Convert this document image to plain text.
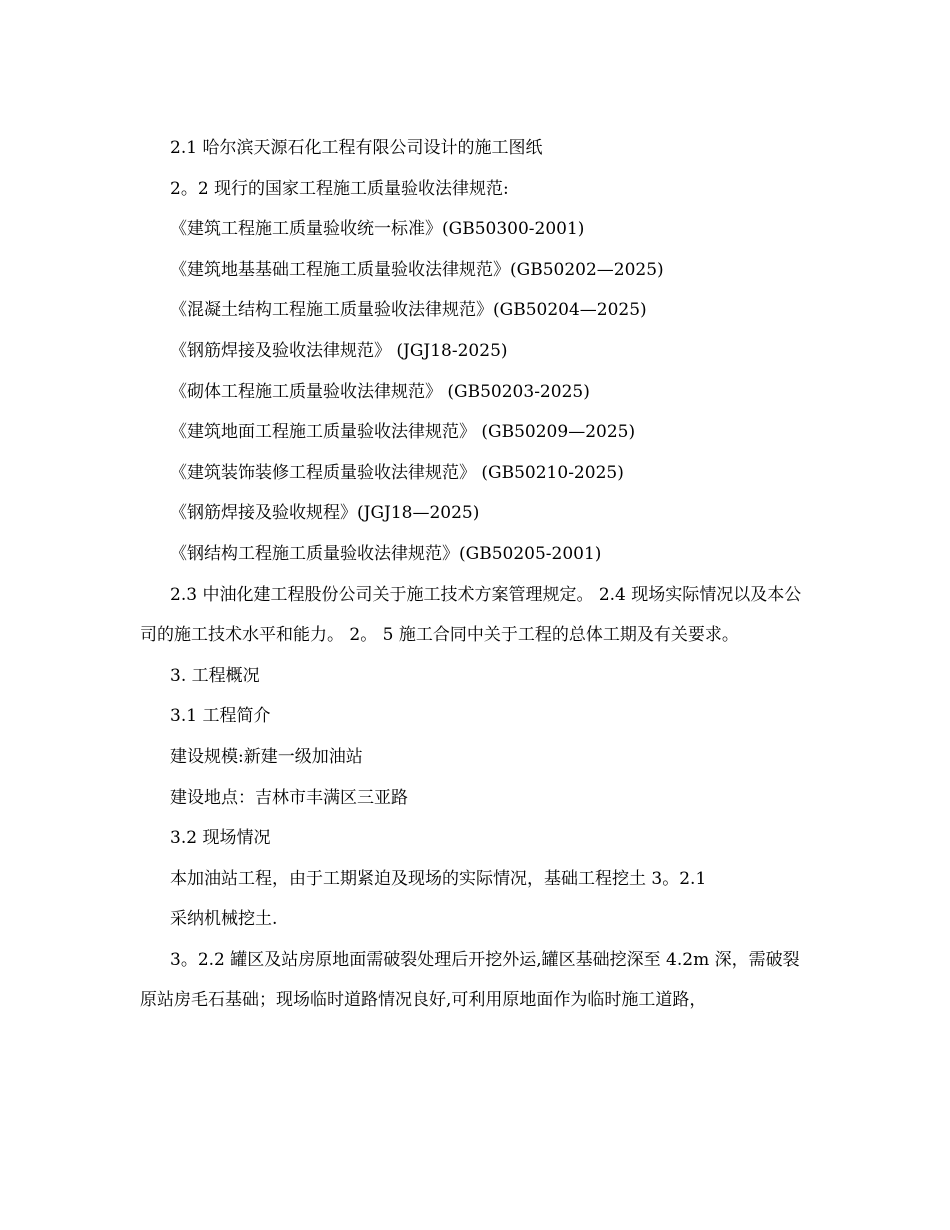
2.1 哈尔滨天源石化工程有限公司设计的施工图纸

2。2 现行的国家工程施工质量验收法律规范:

《建筑工程施工质量验收统一标准》(GB50300-2001)

《建筑地基基础工程施工质量验收法律规范》(GB50202—2025)

《混凝土结构工程施工质量验收法律规范》(GB50204—2025)

《钢筋焊接及验收法律规范》 (JGJ18-2025)

《砌体工程施工质量验收法律规范》 (GB50203-2025)

《建筑地面工程施工质量验收法律规范》 (GB50209—2025)

《建筑装饰装修工程质量验收法律规范》 (GB50210-2025)

《钢筋焊接及验收规程》(JGJ18—2025)

《钢结构工程施工质量验收法律规范》(GB50205-2001)

2.3 中油化建工程股份公司关于施工技术方案管理规定。 2.4 现场实际情况以及本公司的施工技术水平和能力。 2。 5 施工合同中关于工程的总体工期及有关要求。

3. 工程概况

3.1 工程简介

建设规模:新建一级加油站

建设地点：吉林市丰满区三亚路

3.2 现场情况

本加油站工程，由于工期紧迫及现场的实际情况，基础工程挖土 3。2.1

采纳机械挖土.

3。2.2 罐区及站房原地面需破裂处理后开挖外运,罐区基础挖深至 4.2m 深，需破裂原站房毛石基础；现场临时道路情况良好,可利用原地面作为临时施工道路，
